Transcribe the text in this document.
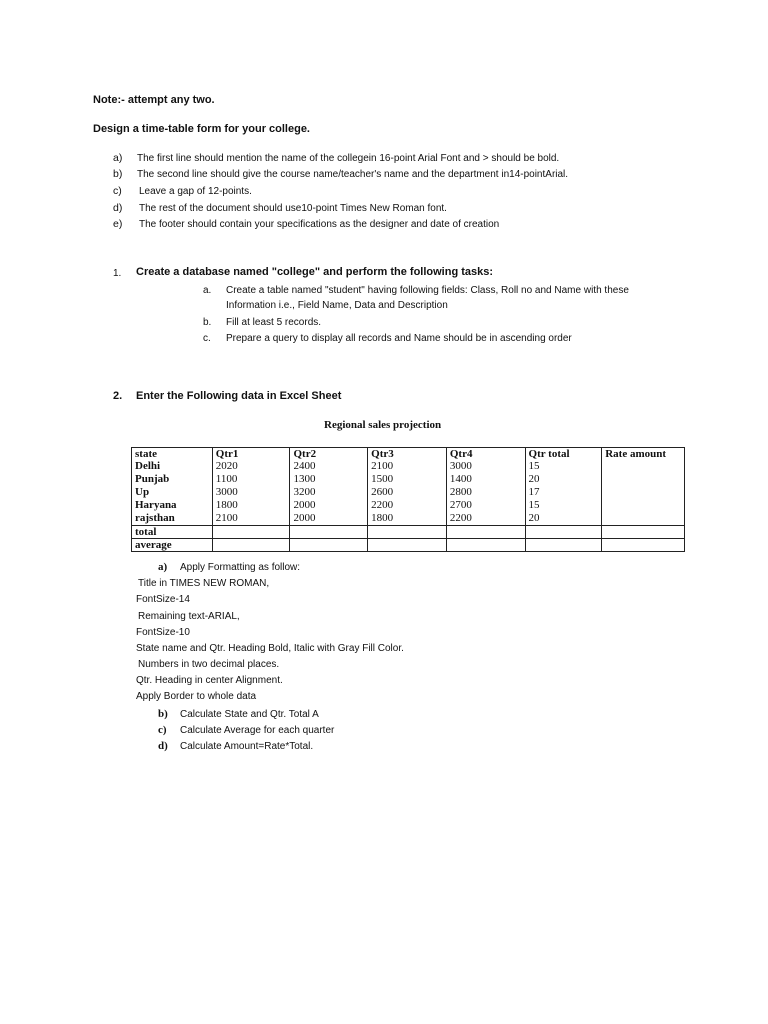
Note:- attempt any two.
Design a time-table form for your college.
a) The first line should mention the name of the collegein 16-point Arial Font and > should be bold.
b) The second line should give the course name/teacher's name and the department in14-pointArial.
c) Leave a gap of 12-points.
d) The rest of the document should use10-point Times New Roman font.
e) The footer should contain your specifications as the designer and date of creation
1. Create a database named "college" and perform the following tasks:
a. Create a table named "student" having following fields: Class, Roll no and Name with these
Information i.e., Field Name, Data and Description
b. Fill at least 5 records.
c. Prepare a query to display all records and Name should be in ascending order
2. Enter the Following data in Excel Sheet
Regional sales projection
state	Qtr1	Qtr2	Qtr3	Qtr4	Qtr total	Rate amount
Delhi	2020	2400	2100	3000	15	
Punjab	1100	1300	1500	1400	20	
Up	3000	3200	2600	2800	17	
Haryana	1800	2000	2200	2700	15	
rajsthan	2100	2000	1800	2200	20	
total						
average						
a) Apply Formatting as follow:
Title in TIMES NEW ROMAN,
FontSize-14
Remaining text-ARIAL,
FontSize-10
State name and Qtr. Heading Bold, Italic with Gray Fill Color.
Numbers in two decimal places.
Qtr. Heading in center Alignment.
Apply Border to whole data
b) Calculate State and Qtr. Total A
c) Calculate Average for each quarter
d) Calculate Amount=Rate*Total.
